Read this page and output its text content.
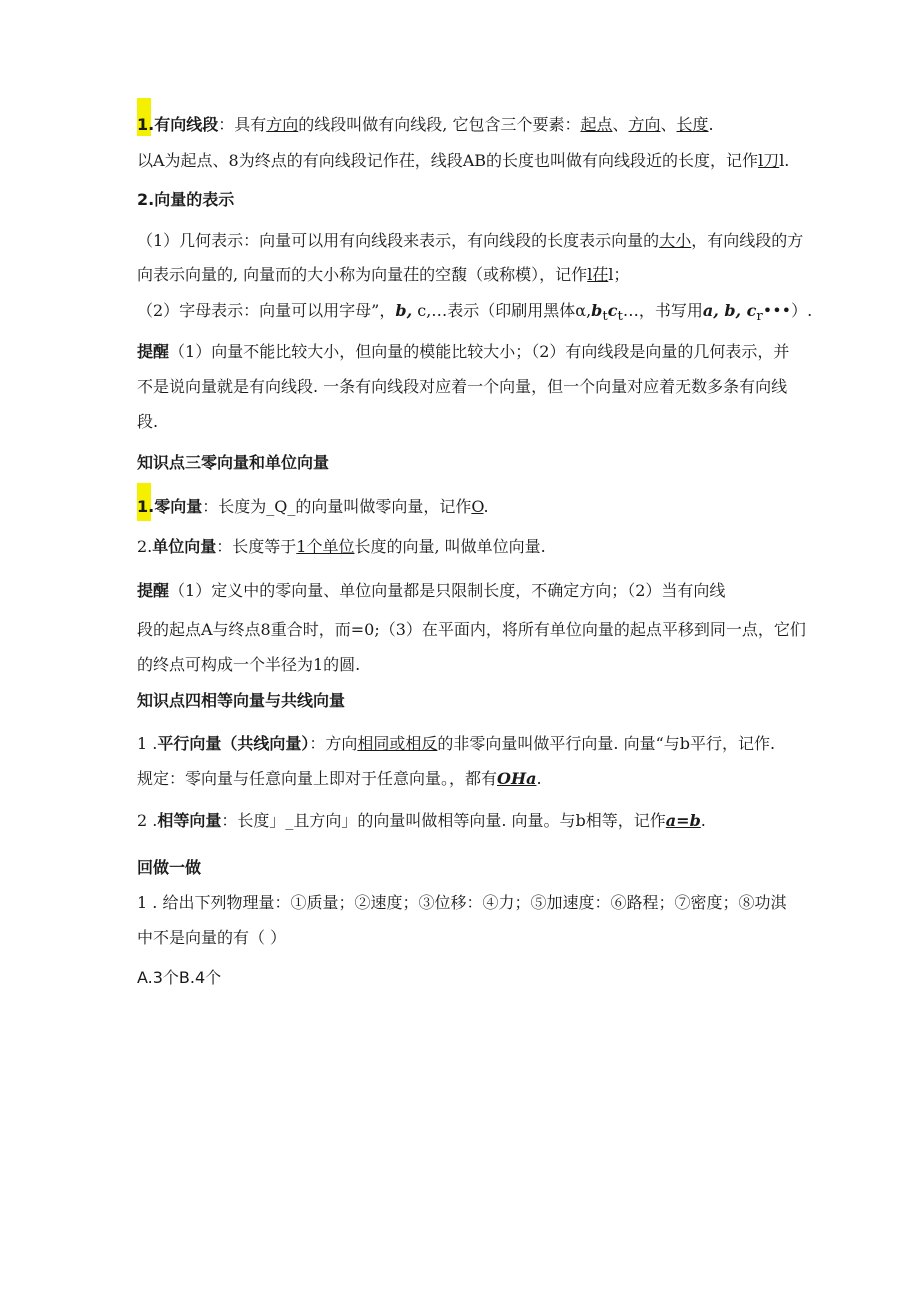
1.有向线段：具有方向的线段叫做有向线段, 它包含三个要素：起点、方向、长度.
以A为起点、8为终点的有向线段记作茌，线段AB的长度也叫做有向线段近的长度，记作l刀l.
2.向量的表示
（1）几何表示：向量可以用有向线段来表示，有向线段的长度表示向量的大小，有向线段的方
向表示向量的, 向量而的大小称为向量茌的空馥（或称模），记作l茌l；
（2）字母表示：向量可以用字母”，b, c,…表示（印刷用黑体$\alpha,b_tc_t\dots$，书写用a, b, $c_r•••$）.
提醒（1）向量不能比较大小，但向量的模能比较大小；（2）有向线段是向量的几何表示，并
不是说向量就是有向线段. 一条有向线段对应着一个向量，但一个向量对应着无数多条有向线
段.
知识点三零向量和单位向量
1.零向量：长度为_Q_的向量叫做零向量，记作O.
2.单位向量：长度等于1个单位长度的向量, 叫做单位向量.
提醒（1）定义中的零向量、单位向量都是只限制长度，不确定方向；（2）当有向线
段的起点A与终点8重合时，而=0;（3）在平面内，将所有单位向量的起点平移到同一点，它们
的终点可构成一个半径为1的圆.
知识点四相等向量与共线向量
1 .平行向量（共线向量）：方向相同或相反的非零向量叫做平行向量. 向量“与b平行，记作.
规定：零向量与任意向量上即对于任意向量。，都有OHa.
2 .相等向量：长度」_且方向」的向量叫做相等向量. 向量。与b相等，记作a=b.
回做一做
1 . 给出下列物理量：①质量；②速度；③位移：④力；⑤加速度：⑥路程；⑦密度；⑧功淇
中不是向量的有（ ）
A.3个B.4个
